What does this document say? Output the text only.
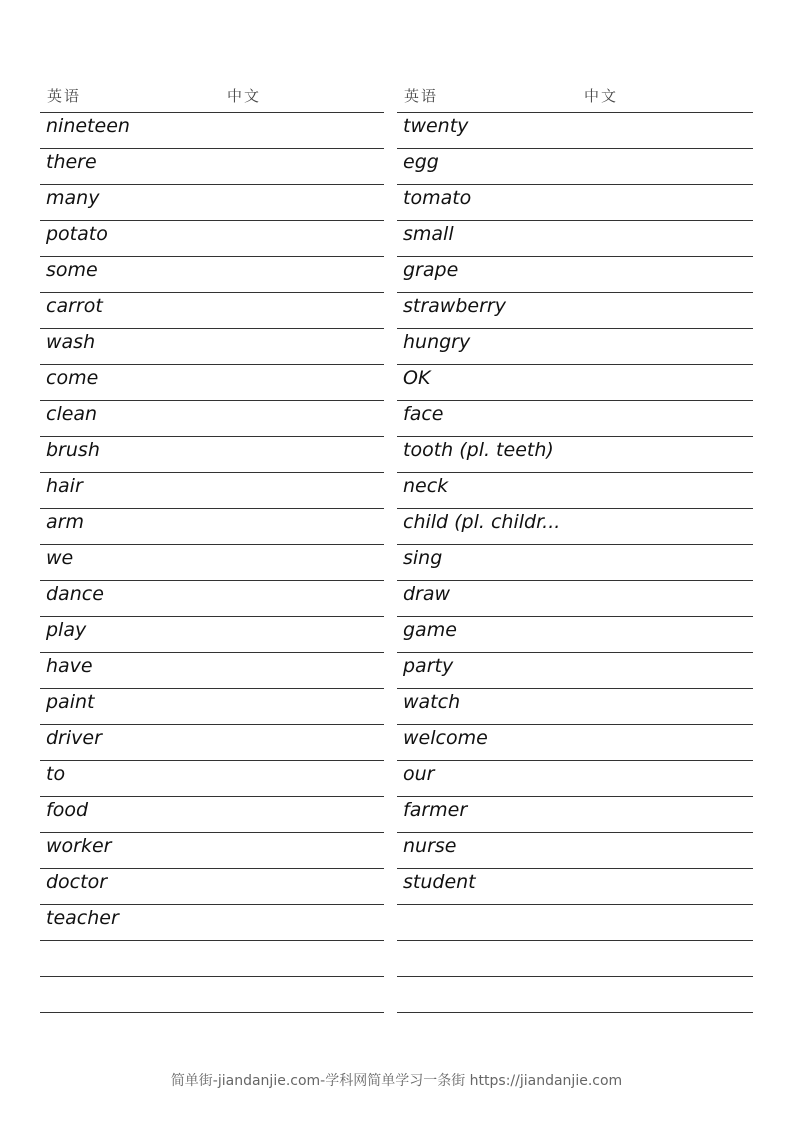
英语	中文
nineteen
there
many
potato
some
carrot
wash
come
clean
brush
hair
arm
we
dance
play
have
paint
driver
to
food
worker
doctor
teacher
英语	中文
twenty
egg
tomato
small
grape
strawberry
hungry
OK
face
tooth (pl. teeth)
neck
child (pl. childr...
sing
draw
game
party
watch
welcome
our
farmer
nurse
student
简单街-jiandanjie.com-学科网简单学习一条街 https://jiandanjie.com
